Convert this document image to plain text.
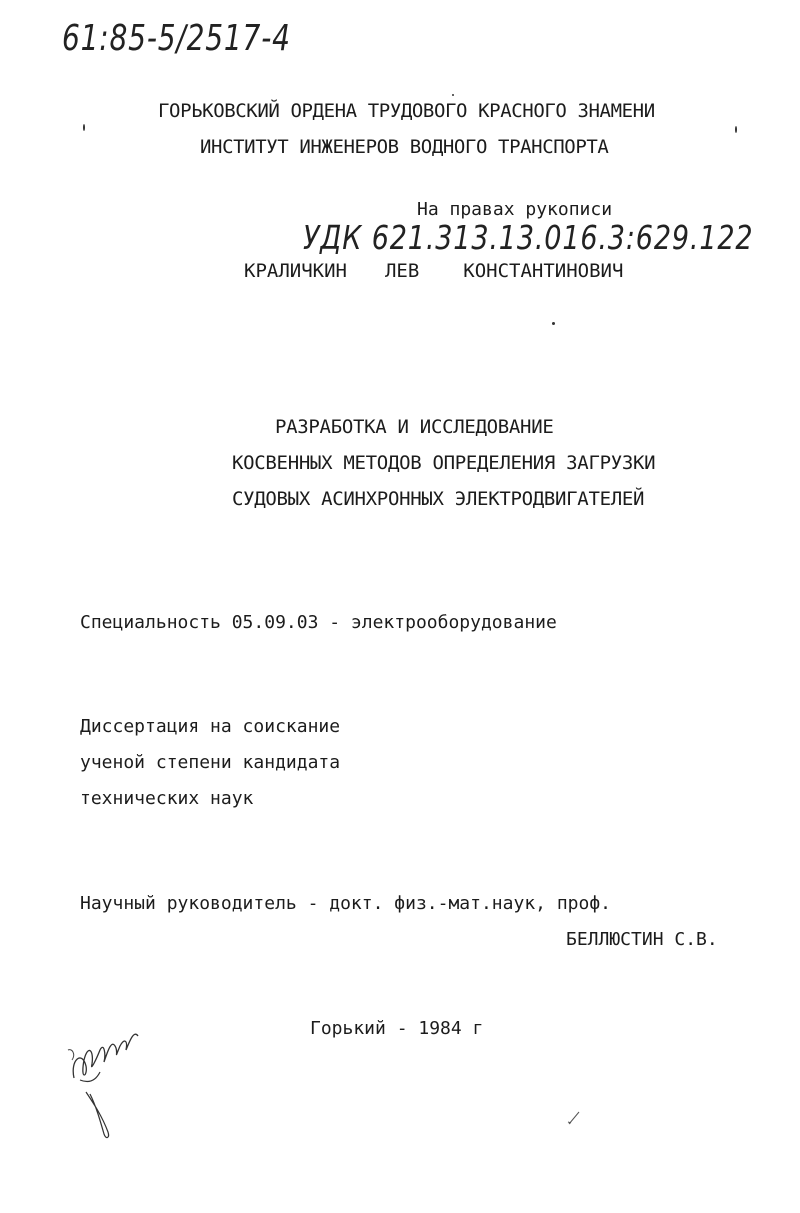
61:85-5/2517-4
ГОРЬКОВСКИЙ ОРДЕНА ТРУДОВОГО КРАСНОГО ЗНАМЕНИ
ИНСТИТУТ ИНЖЕНЕРОВ ВОДНОГО ТРАНСПОРТА
На правах рукописи
УДК 621.313.13.016.3:629.122
КРАЛИЧКИН ЛЕВ КОНСТАНТИНОВИЧ
РАЗРАБОТКА И ИССЛЕДОВАНИЕ
КОСВЕННЫХ МЕТОДОВ ОПРЕДЕЛЕНИЯ ЗАГРУЗКИ
СУДОВЫХ АСИНХРОННЫХ ЭЛЕКТРОДВИГАТЕЛЕЙ
Специальность 05.09.03 - электрооборудование
Диссертация на соискание
ученой степени кандидата
технических наук
Научный руководитель - докт. физ.-мат.наук, проф.
БЕЛЛЮСТИН С.В.
Горький - 1984 г
